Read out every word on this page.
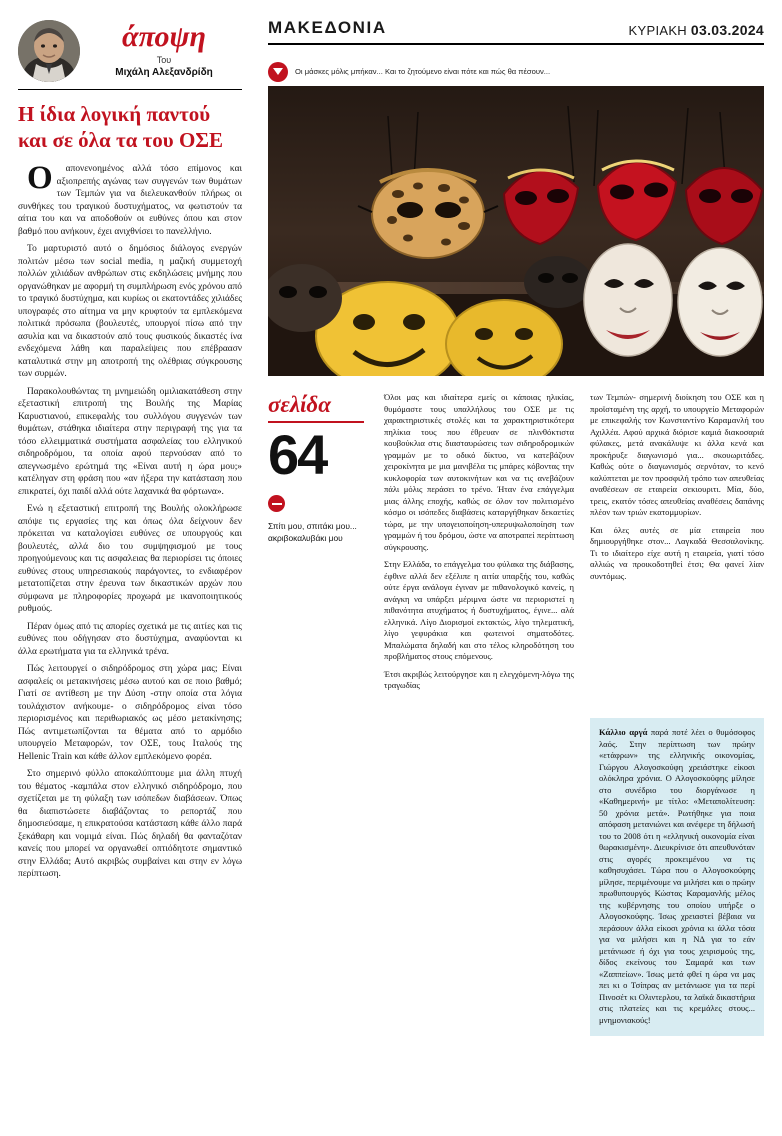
ΜΑΚΕΔΟΝΙΑ	ΚΥΡΙΑΚΗ 03.03.2024
άποψη
Του
Μιχάλη Αλεξανδρίδη
Η ίδια λογική παντού και σε όλα τα του ΟΣΕ

Ο	απονενοημένος αλλά τόσο επίμονος και αξιοπρεπής αγώνας των συγγενών των θυμάτων των Τεμπών για να διελευκανθούν πλήρως οι συνθήκες του τραγικού δυστυχήματος, να φωτιστούν τα αίτια του και να αποδοθούν οι ευθύνες όπου και στον βαθμό που ανήκουν, έχει ανιχθνίσει το πανελλήνιο.

Το μαρτυριστό αυτό ο δημόσιος διάλογος ενεργών πολιτών μέσω των social media, η μαζική συμμετοχή πολλών χιλιάδων ανθρώπων στις εκδηλώσεις μνήμης που οργανώθηκαν με αφορμή τη συμπλήρωση ενός χρόνου από το τραγικό δυστύχημα, και κυρίως οι εκατοντάδες χιλιάδες υπογραφές στο αίτημα να μην κρυφτούν τα εμπλεκόμενα πολιτικά πρόσωπα (βουλευτές, υπουργοί πίσω από την ασυλία και να δικαστούν από τους φυσικούς δικαστές ίνα ενδεχόμενα λάθη και παραλείψεις που επέβραασν καταλυτικά στην μη αποτροπή της ολέθριας σύγκρουσης των συρμών.

Παρακολουθώντας τη μνημειώδη ομιλιακατάθεση στην εξεταστική επιτροπή της Βουλής της Μαρίας Καρυστιανού, επικεφαλής του συλλόγου συγγενών των θυμάτων, στάθηκα ιδιαίτερα στην περιγραφή της για τα τόσο ελλειμματικά συστήματα ασφαλείας του ελληνικού σιδηροδρόμου, τα οποία αφού περνούσαν από το απεγνωσμένο ερώτημά της «Είναι αυτή η ώρα μου;» κατέληγαν στη φράση που «αν ήξερα την κατάσταση που επικρατεί, όχι παιδί αλλά ούτε λαχανικά θα φόρτωνα».

Ενώ η εξεταστική επιτροπή της Βουλής ολοκλήρωσε απόψε τις εργασίες της και όπως όλα δείχνουν δεν πρόκειται να καταλογίσει ευθύνες σε υπουργούς και βουλευτές, αλλά διο του συμψηφισμού με τους προηγούμενους και τις ασφαλειας θα περιορίσει τις όποιες ευθύνες στους υπηρεσιακούς παράγοντες, το ενδιαφέρον μετατοπίζεται στην έρευνα των δικαστικών αρχών που σύμφωνα με πληροφορίες προχωρά με ικανοποιητικούς ρυθμούς.

Πέραν όμως από τις απορίες σχετικά με τις αιτίες και τις ευθύνες που οδήγησαν στο δυστύχημα, αναφύονται κι άλλα ερωτήματα για τα ελληνικά τρένα.

Πώς λειτουργεί ο σιδηρόδρομος στη χώρα μας; Είναι ασφαλείς οι μετακινήσεις μέσω αυτού και σε ποιο βαθμό; Γιατί σε αντίθεση με την Δύση -στην οποία στα λόγια τουλάχιστον ανήκουμε- ο σιδηρόδρομος είναι τόσο περιορισμένος και περιθωριακός ως μέσο μετακίνησης; Πώς αντιμετωπίζονται τα θέματα από το αρμόδιο υπουργείο Μεταφορών, τον ΟΣΕ, τους Ιταλούς της Hellenic Train και κάθε άλλον εμπλεκόμενο φορέα.

Στο σημερινό φύλλο αποκαλύπτουμε μια άλλη πτυχή του θέματος -καμπάλα στον ελληνικό σιδηρόδρομο, που σχετίζεται με τη φύλαξη των ισόπεδων διαβάσεων. Όπως θα διαπιστώσετε διαβάζοντας το ρεπορτάζ που δημοσιεύσαμε, η επικρατούσα κατάσταση κάθε άλλο παρά ξεκάθαρη και νομιμά είναι. Πώς δηλαδή θα φανταζόταν κανείς που μπορεί να οργανωθεί οπτιόδητοτε σημαντικό στην Ελλάδα; Αυτό ακριβώς συμβαίνει και στην εν λόγω περίπτωση.

Οι μάσκες μόλις μπήκαν... Και το ζητούμενο είναι πότε και πώς θα πέσουν...
σελίδα
64
Σπίτι μου, σπιτάκι μου... ακριβοκαλυβάκι μου

Όλοι μας και ιδιαίτερα εμείς οι κάποιας ηλικίας, θυμόμαστε τους υπαλλήλους του ΟΣΕ με τις χαρακτηριστικές στολές και τα χαρακτηριστικότερα πηλίκια τους που έθρευαν σε πλινθόκτιστα κουβούκλια στις διασταυρώσεις των σιδηροδρομικών γραμμών με το οδικό δίκτυο, να κατεβάζουν χειροκίνητα με μια μανιβέλα τις μπάρες κόβοντας την κυκλοφορία των αυτοκινήτων και να τις ανεβάζουν πάλι μόλις περάσει το τρένο. Ήταν ένα επάγγελμα μιας άλλης εποχής, καθώς σε όλον τον πολιτισμένο κόσμο οι ισόπεδες διαβάσεις καταργήθηκαν δεκαετίες τώρα, με την υπογειοποίηση-υπερυψωλοποίηση των γραμμών ή του δρόμου, ώστε να αποτραπεί περίπτωση σύγκρουσης.

Στην Ελλάδα, το επάγγελμα του φύλακα της διάβασης, έφθινε αλλά δεν εξέλιπε η αιτία υπαρξής του, καθώς ούτε έργα ανάλογα έγιναν με πιθανολογικό κανείς, η ανάγκη να υπάρξει μέριμνα ώστε να περιοριστεί η πιθανότητα ατυχήματος ή δυστυχήματος, έγινε... αλά ελληνικά. Λίγο Διορισμοί εκτακτώς, λίγο τηλεματική, λίγο γεφυράκια και φωτεινοί σηματοδότες. Μπαλώματα δηλαδή και στο τέλος κληροδότηση του προβλήματος στους επόμενους.

Έτσι ακριβώς λειτούργησε και η ελεγχόμενη-λόγω της τραγωδίας

των Τεμπών- σημερινή διοίκηση του ΟΣΕ και η προϊσταμένη της αρχή, το υπουργείο Μεταφορών με επικεφαλής τον Κωνσταντίνο Καραμανλή του Αχιλλέα. Αφού αρχικά διόρισε καμιά διακοσαριά φύλακες, μετά ανακάλυψε κι άλλα κενά και προκήρυξε διαγωνισμό για... σκουωριτάδες. Καθώς ούτε ο διαγωνισμός σερνόταν, το κενό καλύπτεται με τον προσφιλή τρόπο των απευθείας αναθέσεων σε εταιρεία σεκιουριτι. Μία, δύο, τρεις, εκατόν τόσες απευθείας αναθέσεις δαπάνης πλέον των τριών εκατομμυρίων.

Και όλες αυτές σε μία εταιρεία που δημιουργήθηκε στον... Λαγκαδά Θεσσαλονίκης. Τι το ιδιαίτερο είχε αυτή η εταιρεία, γιατί τόσο αλλιώς να προικοδοτηθεί έτσι; Θα φανεί λίαν συντόμως.

Κάλλιο αργά παρά ποτέ λέει ο θυμόσοφος λαός. Στην περίπτωση των πρώην «ετάφρων» της ελληνικής οικονομίας, Γιώργου Αλογοσκούφη χρειάστηκε είκοσι ολόκληρα χρόνια. Ο Αλογοσκούφης μίλησε στο συνέδριο του διοργάνωσε η «Καθημερινή» με τίτλο: «Μεταπολίτευση: 50 χρόνια μετά». Ρωτήθηκε για ποια απόφαση μετανιώνει και ανέφερε τη δήλωσή του το 2008 ότι η «ελληνική οικονομία είναι θωρακισμένη». Διευκρίνισε ότι απευθυνόταν στις αγορές προκειμένου να τις καθησυχάσει. Τώρα που ο Αλογοσκούφης μίλησε, περιμένουμε να μιλήσει και ο πρώην πρωθυπουργός Κώστας Καραμανλής μέλος της κυβέρνησης του οποίου υπήρξε ο Αλογοσκούφης. Ίσως χρειαστεί βέβαια να περάσουν άλλα είκοσι χρόνια κι άλλα τόσα για να μιλήσει και η ΝΔ για το εάν μετάνιωσε ή όχι για τους χειρισμούς της, δίδος εκείνους του Σαμαρά και των «Ζαππείων». Ίσως μετά φθεί η ώρα να μας πει κι ο Τσίπρας αν μετάνιωσε για τα περί Πινοσέτ κι Ολιντερλου, τα λαϊκά δικαστήρια στις πλατείες και τις κρεμάλες στους... μνημονιακούς!
